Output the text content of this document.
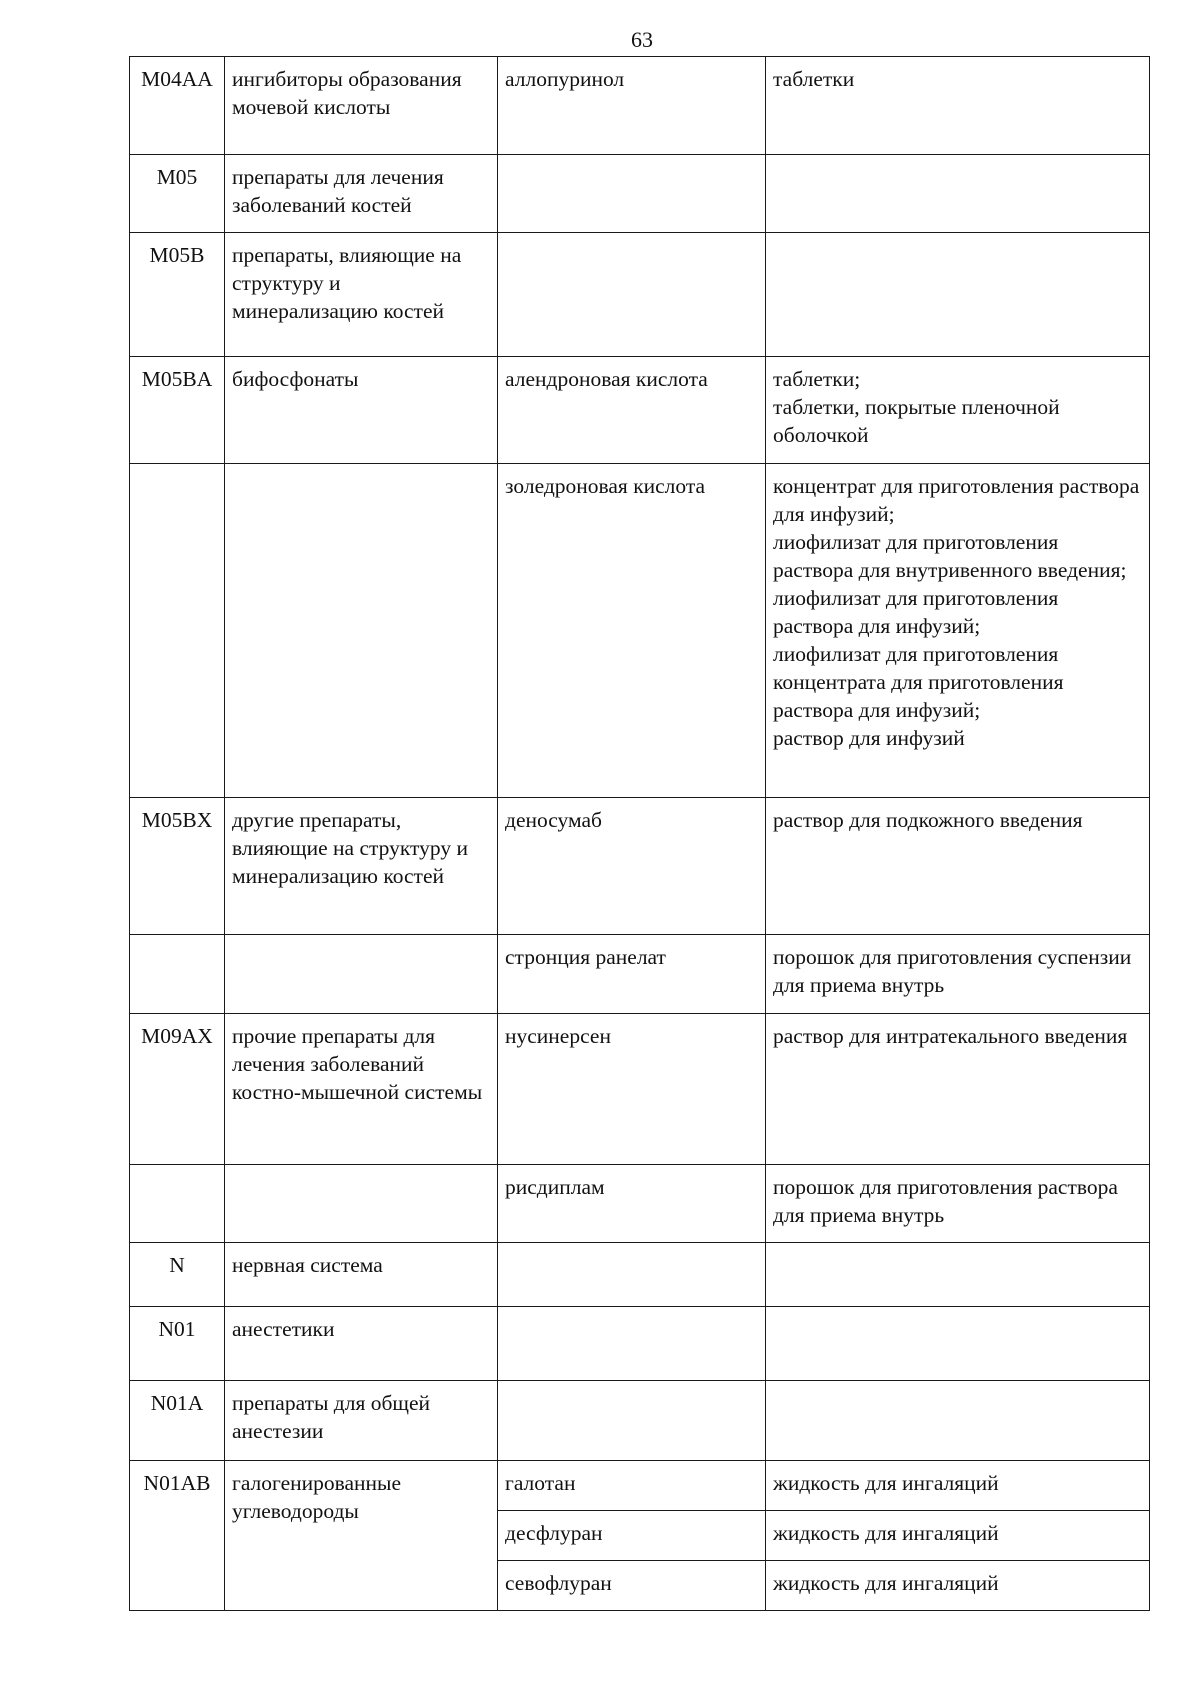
63
M04AA	ингибиторы образования мочевой кислоты	аллопуринол	таблетки
M05	препараты для лечения заболеваний костей		
M05B	препараты, влияющие на структуру и минерализацию костей		
M05BA	бифосфонаты	алендроновая кислота	таблетки;
таблетки, покрытые пленочной оболочкой
		золедроновая кислота	концентрат для приготовления раствора для инфузий;
лиофилизат для приготовления раствора для внутривенного введения;
лиофилизат для приготовления раствора для инфузий;
лиофилизат для приготовления концентрата для приготовления раствора для инфузий;
раствор для инфузий
M05BX	другие препараты, влияющие на структуру и минерализацию костей	деносумаб	раствор для подкожного введения
		стронция ранелат	порошок для приготовления суспензии для приема внутрь
M09AX	прочие препараты для лечения заболеваний костно-мышечной системы	нусинерсен	раствор для интратекального введения
		рисдиплам	порошок для приготовления раствора для приема внутрь
N	нервная система		
N01	анестетики		
N01A	препараты для общей анестезии		
N01AB	галогенированные углеводороды	галотан	жидкость для ингаляций
		десфлуран	жидкость для ингаляций
		севофлуран	жидкость для ингаляций
